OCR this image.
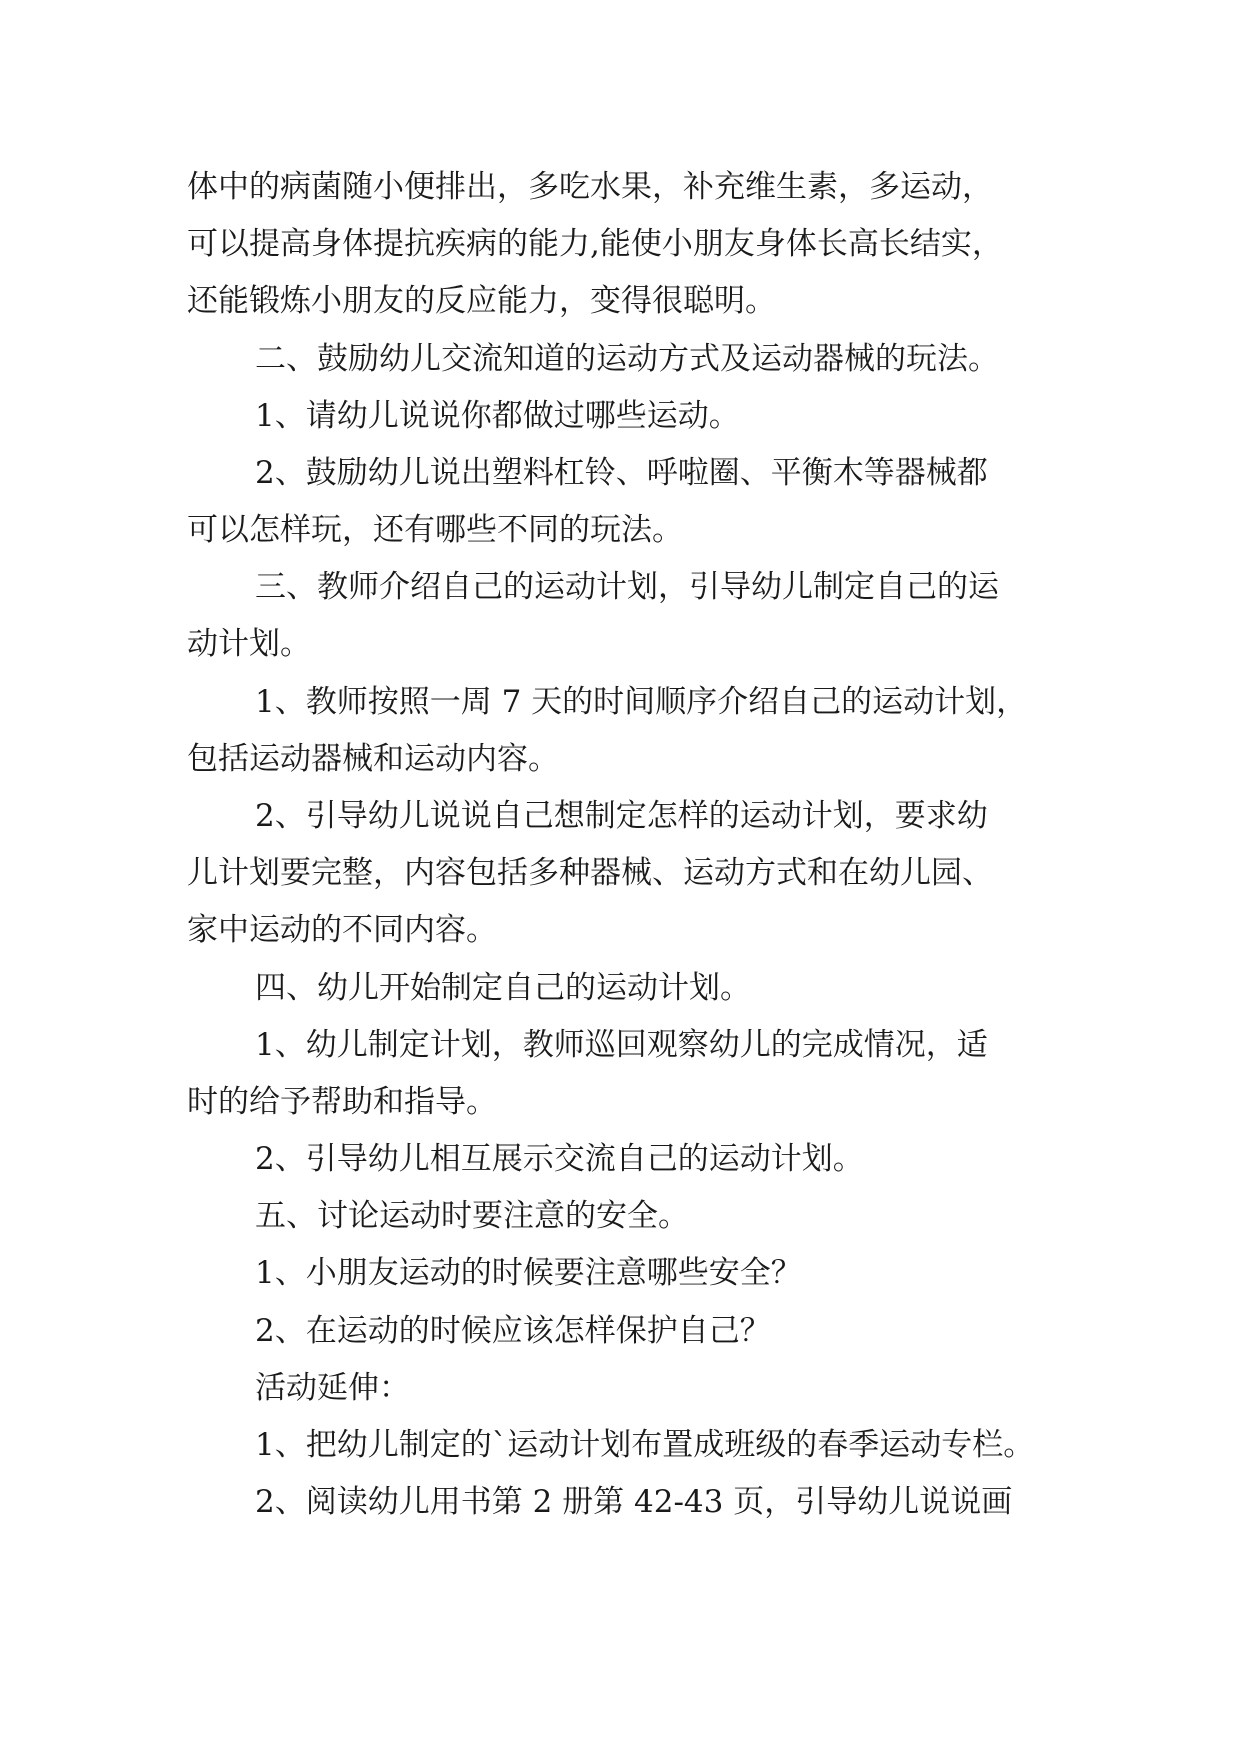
体中的病菌随小便排出，多吃水果，补充维生素，多运动，
可以提高身体提抗疾病的能力,能使小朋友身体长高长结实，
还能锻炼小朋友的反应能力，变得很聪明。
二、鼓励幼儿交流知道的运动方式及运动器械的玩法。
1、请幼儿说说你都做过哪些运动。
2、鼓励幼儿说出塑料杠铃、呼啦圈、平衡木等器械都
可以怎样玩，还有哪些不同的玩法。
三、教师介绍自己的运动计划，引导幼儿制定自己的运
动计划。
1、教师按照一周 7 天的时间顺序介绍自己的运动计划，
包括运动器械和运动内容。
2、引导幼儿说说自己想制定怎样的运动计划，要求幼
儿计划要完整，内容包括多种器械、运动方式和在幼儿园、
家中运动的不同内容。
四、幼儿开始制定自己的运动计划。
1、幼儿制定计划，教师巡回观察幼儿的完成情况，适
时的给予帮助和指导。
2、引导幼儿相互展示交流自己的运动计划。
五、讨论运动时要注意的安全。
1、小朋友运动的时候要注意哪些安全？
2、在运动的时候应该怎样保护自己？
活动延伸：
1、把幼儿制定的`运动计划布置成班级的春季运动专栏。
2、阅读幼儿用书第 2 册第 42-43 页，引导幼儿说说画
